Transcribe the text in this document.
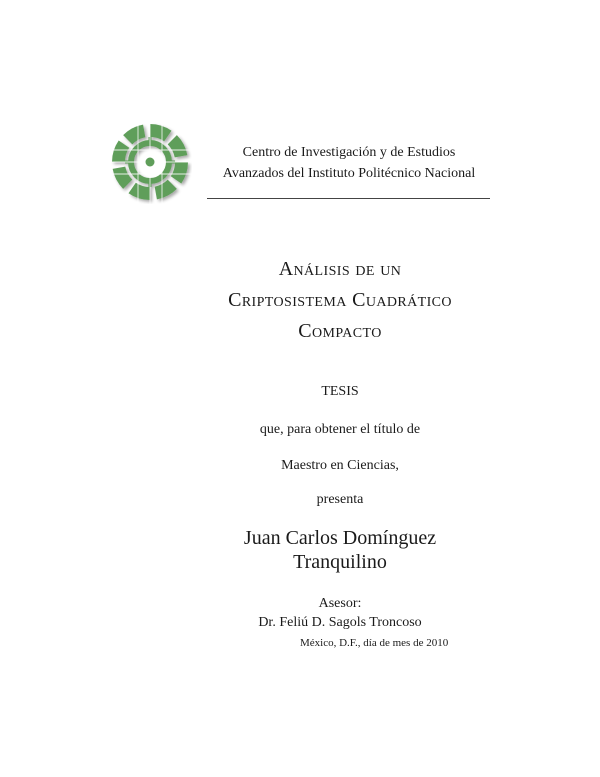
Centro de Investigación y de Estudios
Avanzados del Instituto Politécnico Nacional
Análisis de un
Criptosistema Cuadrático
Compacto
TESIS
que, para obtener el título de
Maestro en Ciencias,
presenta
Juan Carlos Domínguez
Tranquilino
Asesor:
Dr. Feliú D. Sagols Troncoso
México, D.F., día de mes de 2010
